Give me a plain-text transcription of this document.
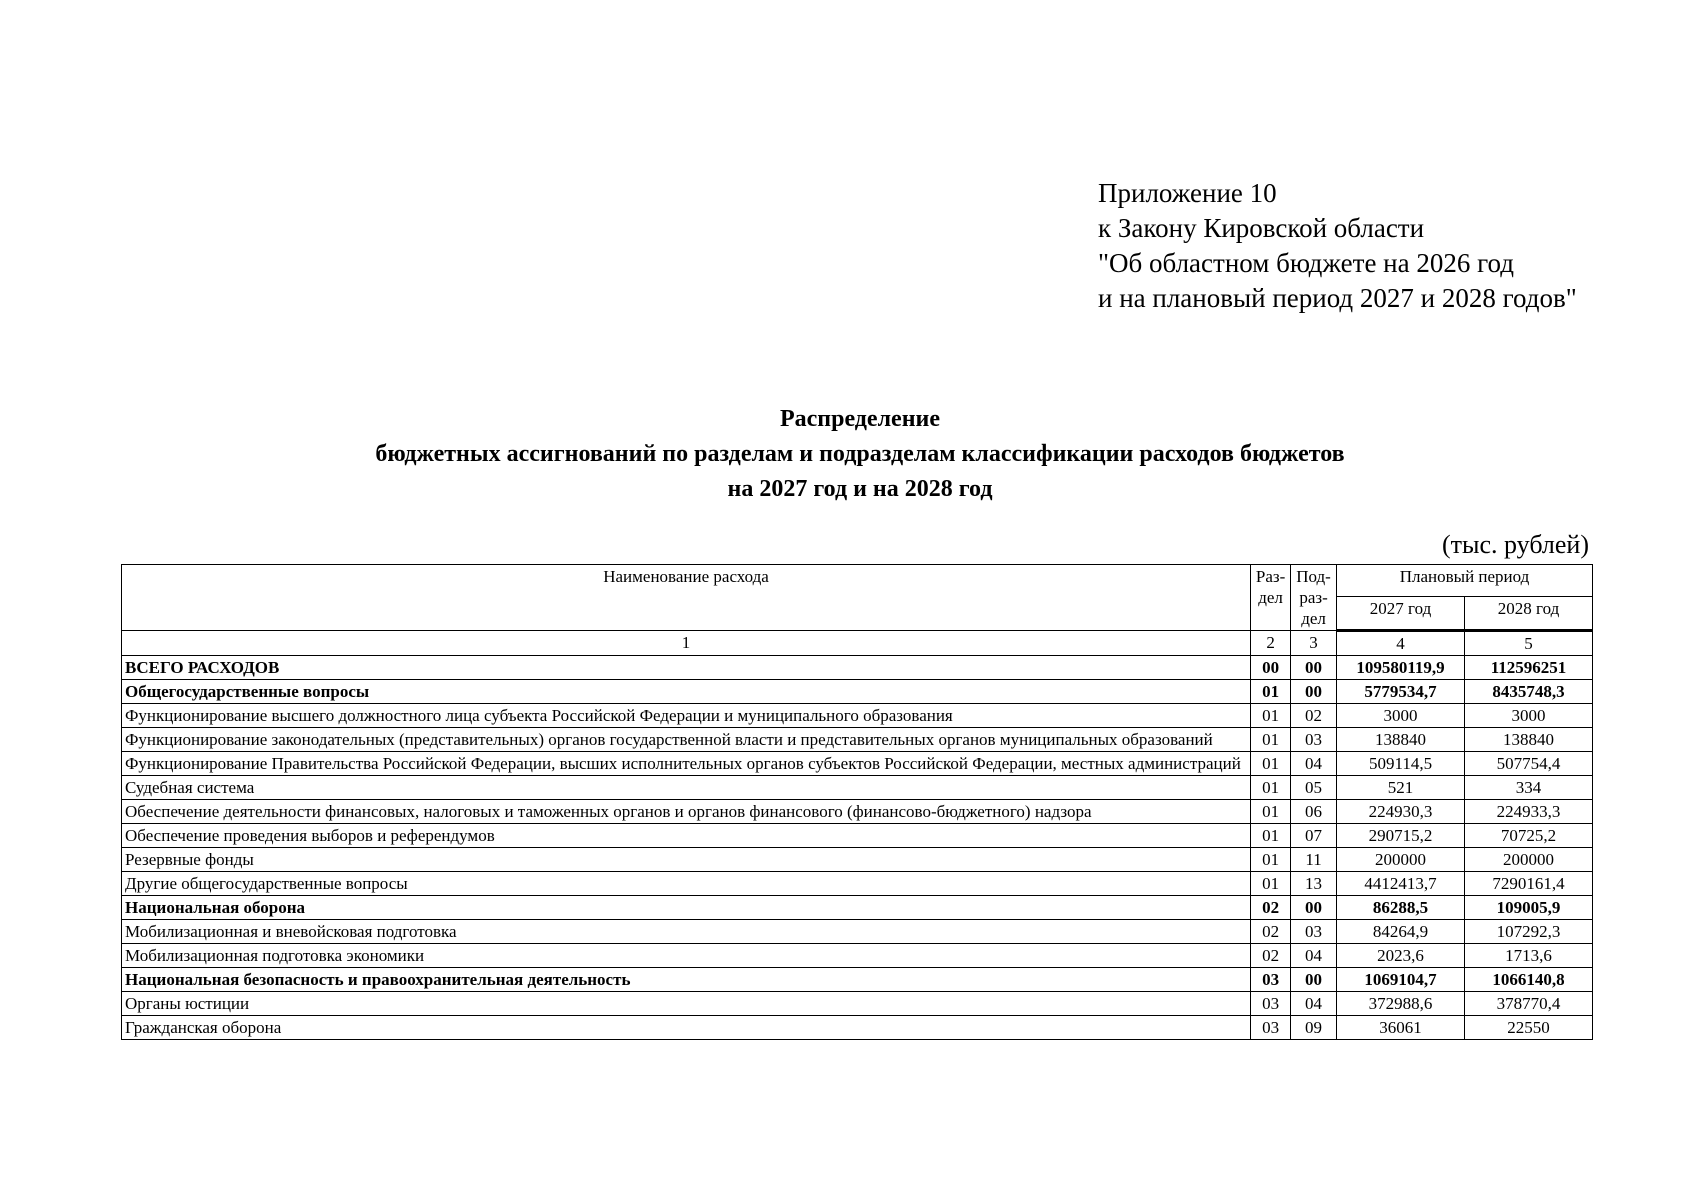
Приложение 10
к Закону Кировской области
"Об областном бюджете на 2026 год
и на плановый период 2027 и 2028 годов"
Распределение
бюджетных ассигнований по разделам и подразделам классификации расходов бюджетов
на 2027 год и на 2028 год
(тыс. рублей)
Наименование расхода	Раз-дел	Под-раз-дел	Плановый период	
			2027 год	2028 год
1	2	3	4	5
ВСЕГО РАСХОДОВ	00	00	109580119,9	112596251
Общегосударственные вопросы	01	00	5779534,7	8435748,3
Функционирование высшего должностного лица субъекта Российской Федерации и муниципального образования	01	02	3000	3000
Функционирование законодательных (представительных) органов государственной власти и представительных органов муниципальных образований	01	03	138840	138840
Функционирование Правительства Российской Федерации, высших исполнительных органов субъектов Российской Федерации, местных администраций	01	04	509114,5	507754,4
Судебная система	01	05	521	334
Обеспечение деятельности финансовых, налоговых и таможенных органов и органов финансового (финансово-бюджетного) надзора	01	06	224930,3	224933,3
Обеспечение проведения выборов и референдумов	01	07	290715,2	70725,2
Резервные фонды	01	11	200000	200000
Другие общегосударственные вопросы	01	13	4412413,7	7290161,4
Национальная оборона	02	00	86288,5	109005,9
Мобилизационная и вневойсковая подготовка	02	03	84264,9	107292,3
Мобилизационная подготовка экономики	02	04	2023,6	1713,6
Национальная безопасность и правоохранительная деятельность	03	00	1069104,7	1066140,8
Органы юстиции	03	04	372988,6	378770,4
Гражданская оборона	03	09	36061	22550
